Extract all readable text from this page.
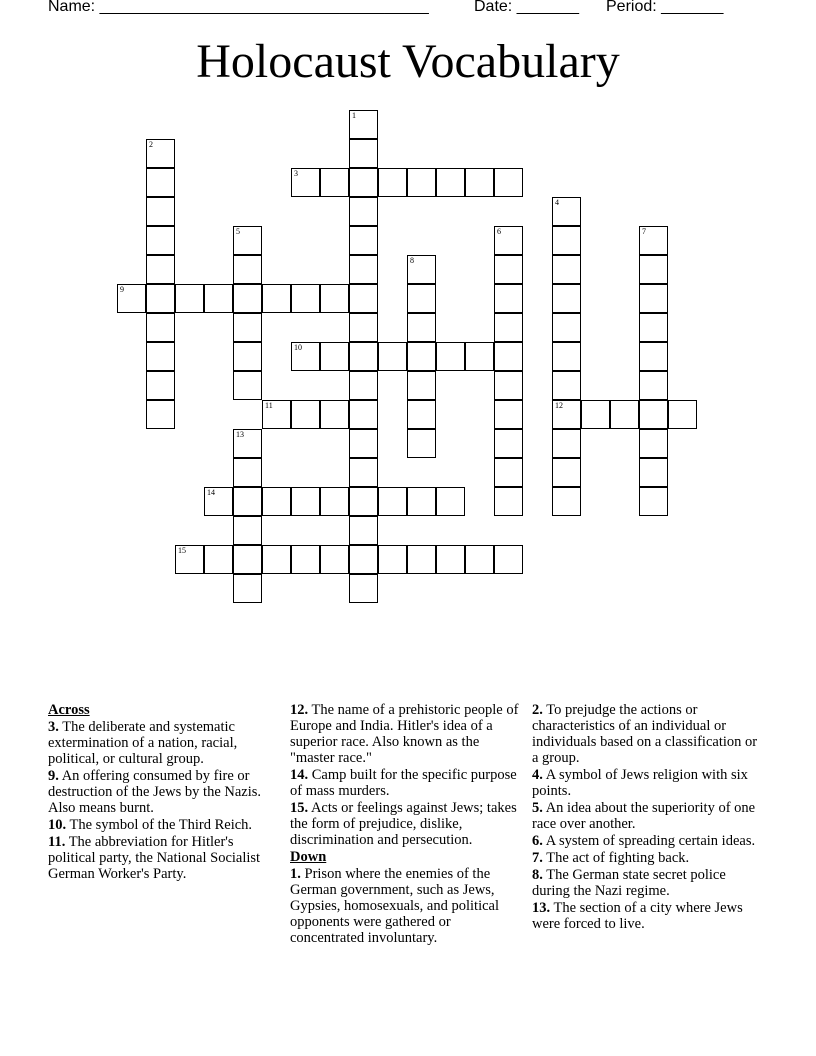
Name: _____________________________________	Date: _______ Period: _______
Holocaust Vocabulary
1
2
3
4
12
5	6	7
8
9
10
11
13
14
15
Across
3. The deliberate and systematic extermination of a nation, racial, political, or cultural group.
9. An offering consumed by fire or destruction of the Jews by the Nazis. Also means burnt.
10. The symbol of the Third Reich.
11. The abbreviation for Hitler's political party, the National Socialist German Worker's Party.
12. The name of a prehistoric people of Europe and India. Hitler's idea of a superior race. Also known as the "master race."
14. Camp built for the specific purpose of mass murders.
15. Acts or feelings against Jews; takes the form of prejudice, dislike, discrimination and persecution.
Down
1. Prison where the enemies of the German government, such as Jews, Gypsies, homosexuals, and political opponents were gathered or concentrated involuntary.
2. To prejudge the actions or characteristics of an individual or individuals based on a classification or a group.
4. A symbol of Jews religion with six points.
5. An idea about the superiority of one race over another.
6. A system of spreading certain ideas.
7. The act of fighting back.
8. The German state secret police during the Nazi regime.
13. The section of a city where Jews were forced to live.
